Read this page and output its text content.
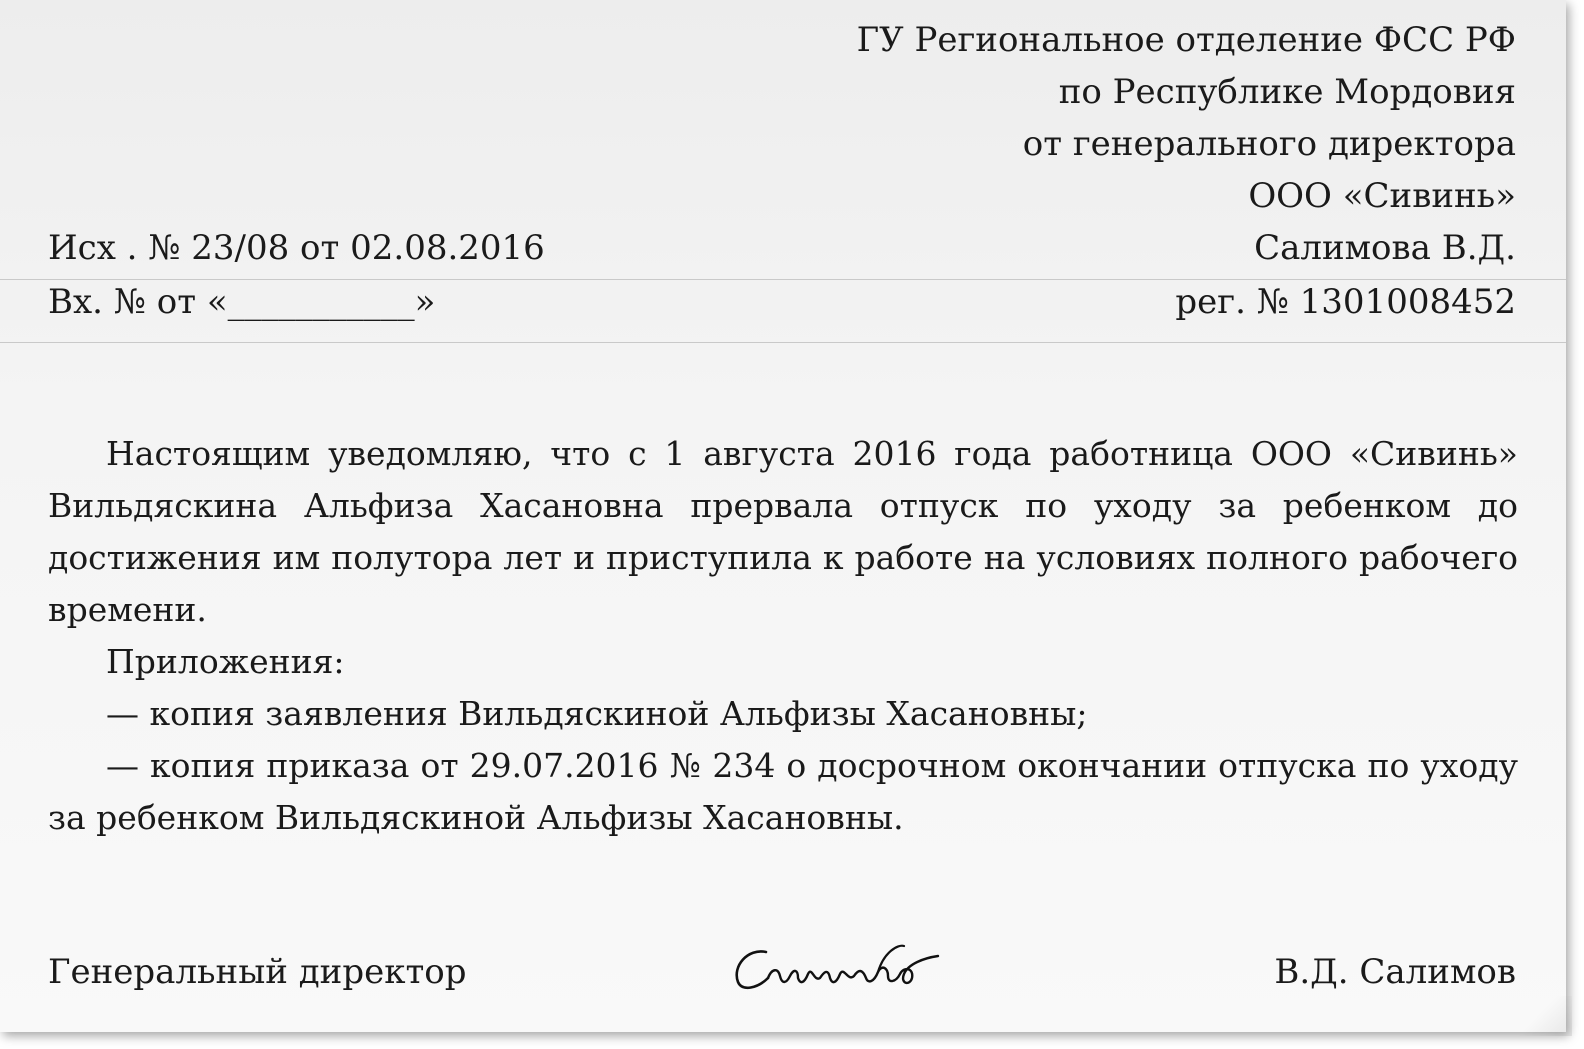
ГУ Региональное отделение ФСС РФ
по Республике Мордовия
от генерального директора
ООО «Сивинь»
Салимова В.Д.
Исх . № 23/08 от 02.08.2016
Вх. № от «___________»	рег. № 1301008452

Настоящим уведомляю, что с 1 августа 2016 года работница ООО «Сивинь» Вильдяскина Альфиза Хасановна прервала отпуск по уходу за ребенком до достижения им полутора лет и приступила к работе на условиях полного рабочего времени.

Приложения:

— копия заявления Вильдяскиной Альфизы Хасановны;

— копия приказа от 29.07.2016 № 234 о досрочном окончании отпуска по уходу за ребенком Вильдяскиной Альфизы Хасановны.

Генеральный директор	В.Д. Салимов
